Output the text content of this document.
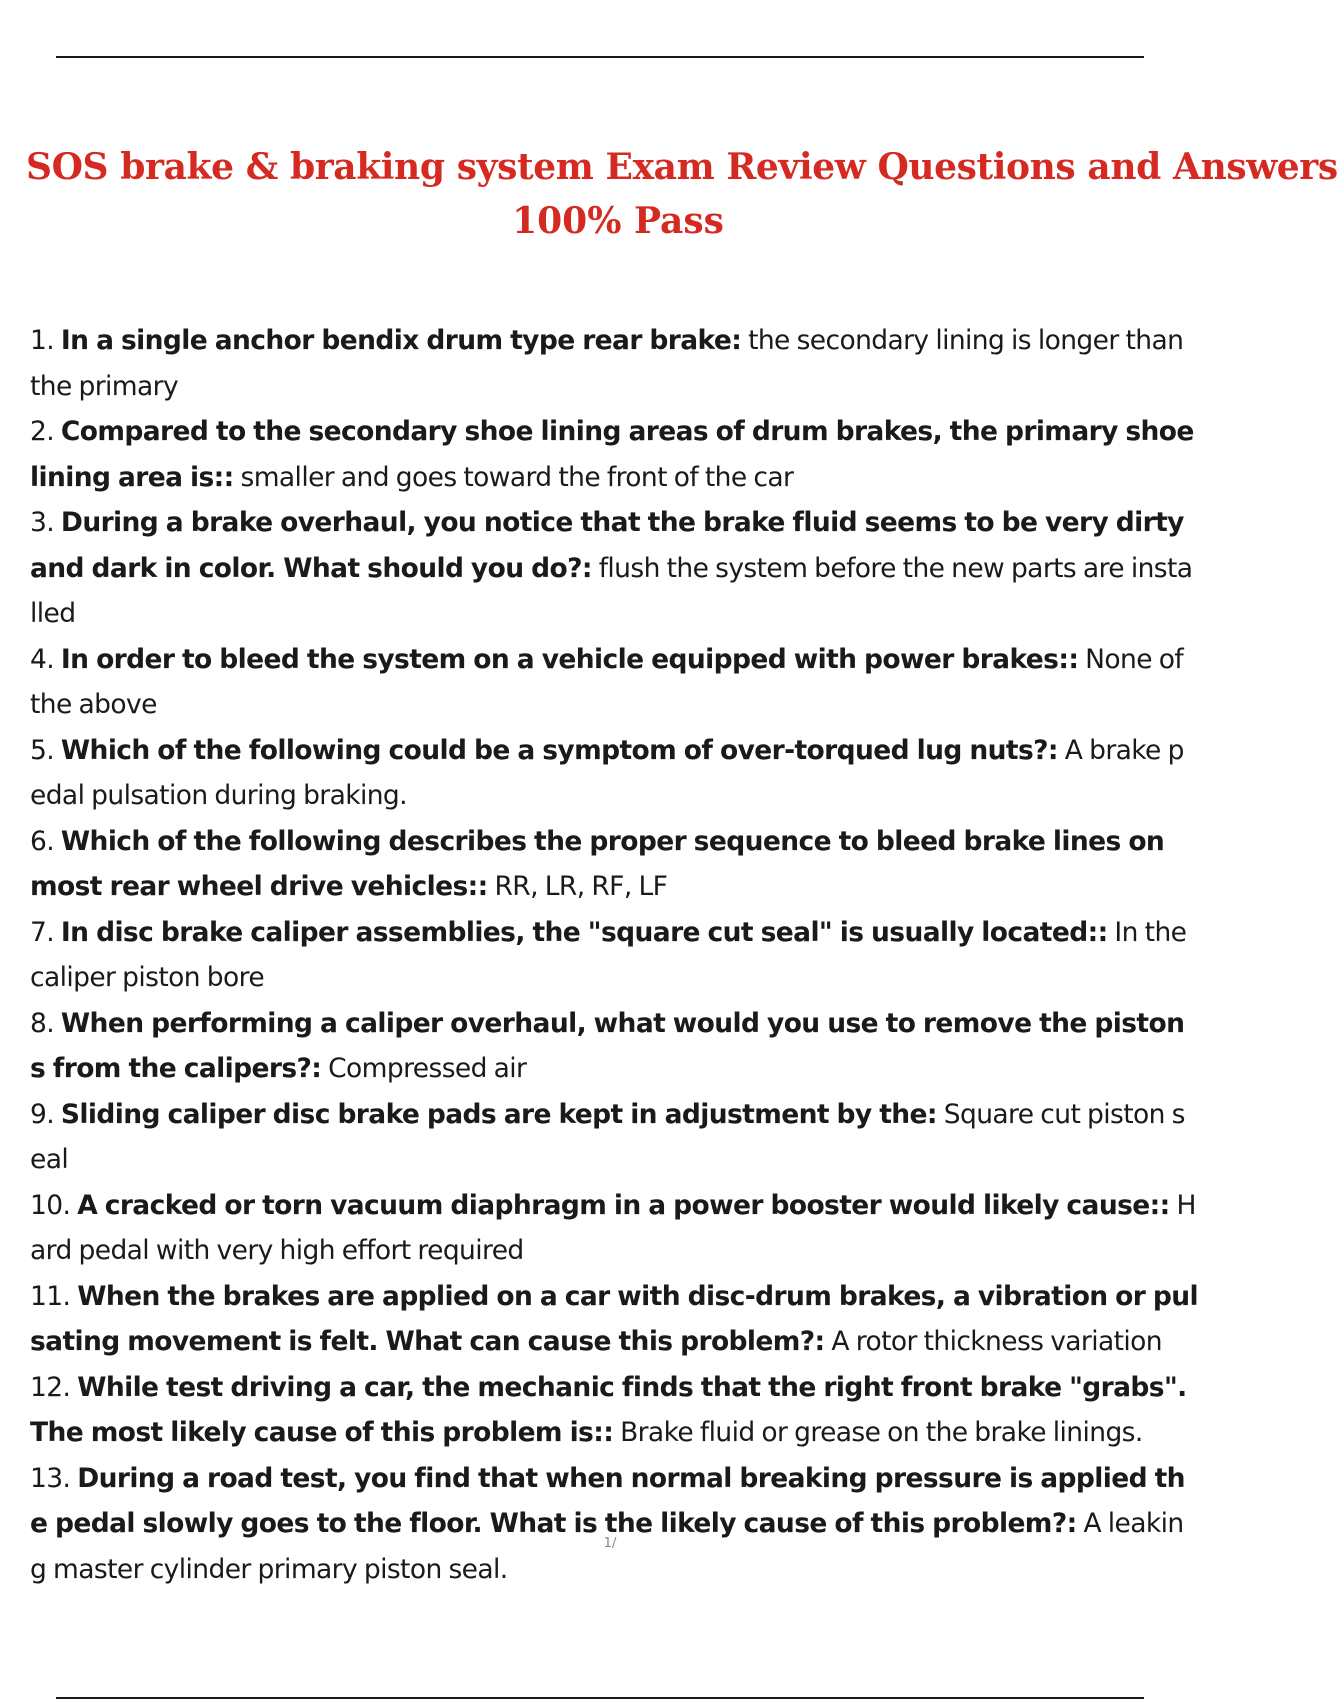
SOS brake & braking system Exam Review Questions and Answers
100% Pass

1. In a single anchor bendix drum type rear brake: the secondary lining is longer than the primary

2. Compared to the secondary shoe lining areas of drum brakes, the primary shoe lining area is:: smaller and goes toward the front of the car

3. During a brake overhaul, you notice that the brake fluid seems to be very dirty and dark in color. What should you do?: flush the system before the new parts are installed

4. In order to bleed the system on a vehicle equipped with power brakes:: None of the above

5. Which of the following could be a symptom of over-torqued lug nuts?: A brake pedal pulsation during braking.

6. Which of the following describes the proper sequence to bleed brake lines on most rear wheel drive vehicles:: RR, LR, RF, LF

7. In disc brake caliper assemblies, the "square cut seal" is usually located:: In the caliper piston bore

8. When performing a caliper overhaul, what would you use to remove the pistons from the calipers?: Compressed air

9. Sliding caliper disc brake pads are kept in adjustment by the: Square cut piston seal

10. A cracked or torn vacuum diaphragm in a power booster would likely cause:: Hard pedal with very high effort required

11. When the brakes are applied on a car with disc-drum brakes, a vibration or pulsating movement is felt. What can cause this problem?: A rotor thickness variation

12. While test driving a car, the mechanic finds that the right front brake "grabs". The most likely cause of this problem is:: Brake fluid or grease on the brake linings.

13. During a road test, you find that when normal breaking pressure is applied the pedal slowly goes to the floor. What is the likely cause of this problem?: A leaking master cylinder primary piston seal.

1/
